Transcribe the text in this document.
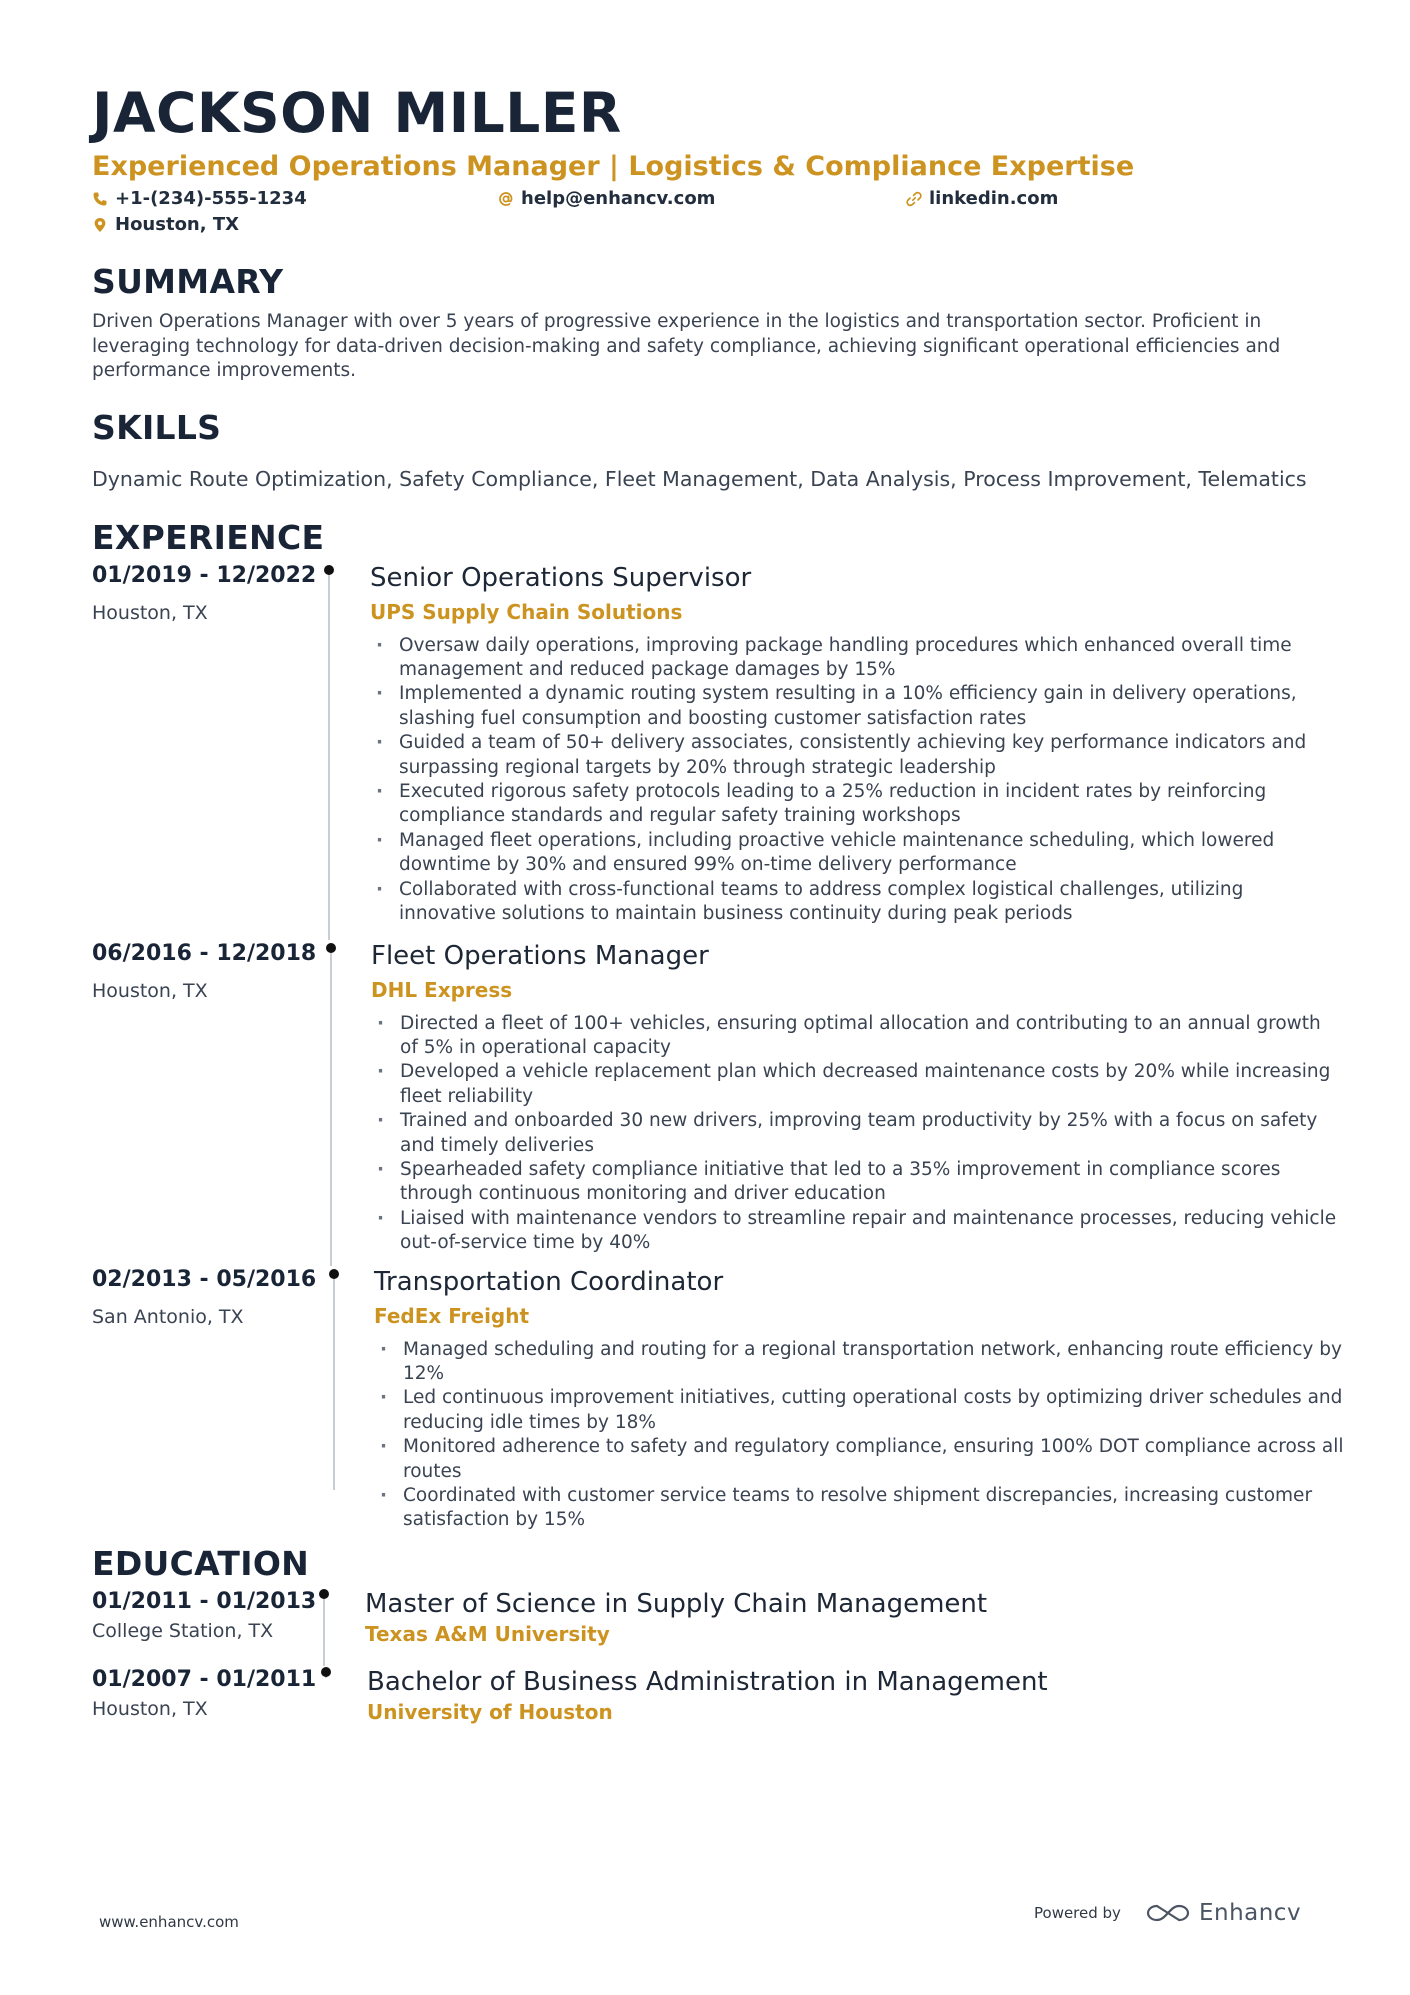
JACKSON MILLER
Experienced Operations Manager | Logistics & Compliance Expertise
+1-(234)-555-1234	help@enhancv.com	linkedin.com
Houston, TX
SUMMARY
Driven Operations Manager with over 5 years of progressive experience in the logistics and transportation sector. Proficient in leveraging technology for data-driven decision-making and safety compliance, achieving significant operational efficiencies and performance improvements.
SKILLS
Dynamic Route Optimization, Safety Compliance, Fleet Management, Data Analysis, Process Improvement, Telematics
EXPERIENCE
01/2019 - 12/2022
Houston, TX
Senior Operations Supervisor
UPS Supply Chain Solutions
· Oversaw daily operations, improving package handling procedures which enhanced overall time management and reduced package damages by 15%
· Implemented a dynamic routing system resulting in a 10% efficiency gain in delivery operations, slashing fuel consumption and boosting customer satisfaction rates
· Guided a team of 50+ delivery associates, consistently achieving key performance indicators and surpassing regional targets by 20% through strategic leadership
· Executed rigorous safety protocols leading to a 25% reduction in incident rates by reinforcing compliance standards and regular safety training workshops
· Managed fleet operations, including proactive vehicle maintenance scheduling, which lowered downtime by 30% and ensured 99% on-time delivery performance
· Collaborated with cross-functional teams to address complex logistical challenges, utilizing innovative solutions to maintain business continuity during peak periods
06/2016 - 12/2018
Houston, TX
Fleet Operations Manager
DHL Express
· Directed a fleet of 100+ vehicles, ensuring optimal allocation and contributing to an annual growth of 5% in operational capacity
· Developed a vehicle replacement plan which decreased maintenance costs by 20% while increasing fleet reliability
· Trained and onboarded 30 new drivers, improving team productivity by 25% with a focus on safety and timely deliveries
· Spearheaded safety compliance initiative that led to a 35% improvement in compliance scores through continuous monitoring and driver education
· Liaised with maintenance vendors to streamline repair and maintenance processes, reducing vehicle out-of-service time by 40%
02/2013 - 05/2016
San Antonio, TX
Transportation Coordinator
FedEx Freight
· Managed scheduling and routing for a regional transportation network, enhancing route efficiency by 12%
· Led continuous improvement initiatives, cutting operational costs by optimizing driver schedules and reducing idle times by 18%
· Monitored adherence to safety and regulatory compliance, ensuring 100% DOT compliance across all routes
· Coordinated with customer service teams to resolve shipment discrepancies, increasing customer satisfaction by 15%
EDUCATION
01/2011 - 01/2013
College Station, TX
Master of Science in Supply Chain Management
Texas A&M University
01/2007 - 01/2011
Houston, TX
Bachelor of Business Administration in Management
University of Houston
www.enhancv.com	Powered by	Enhancv
